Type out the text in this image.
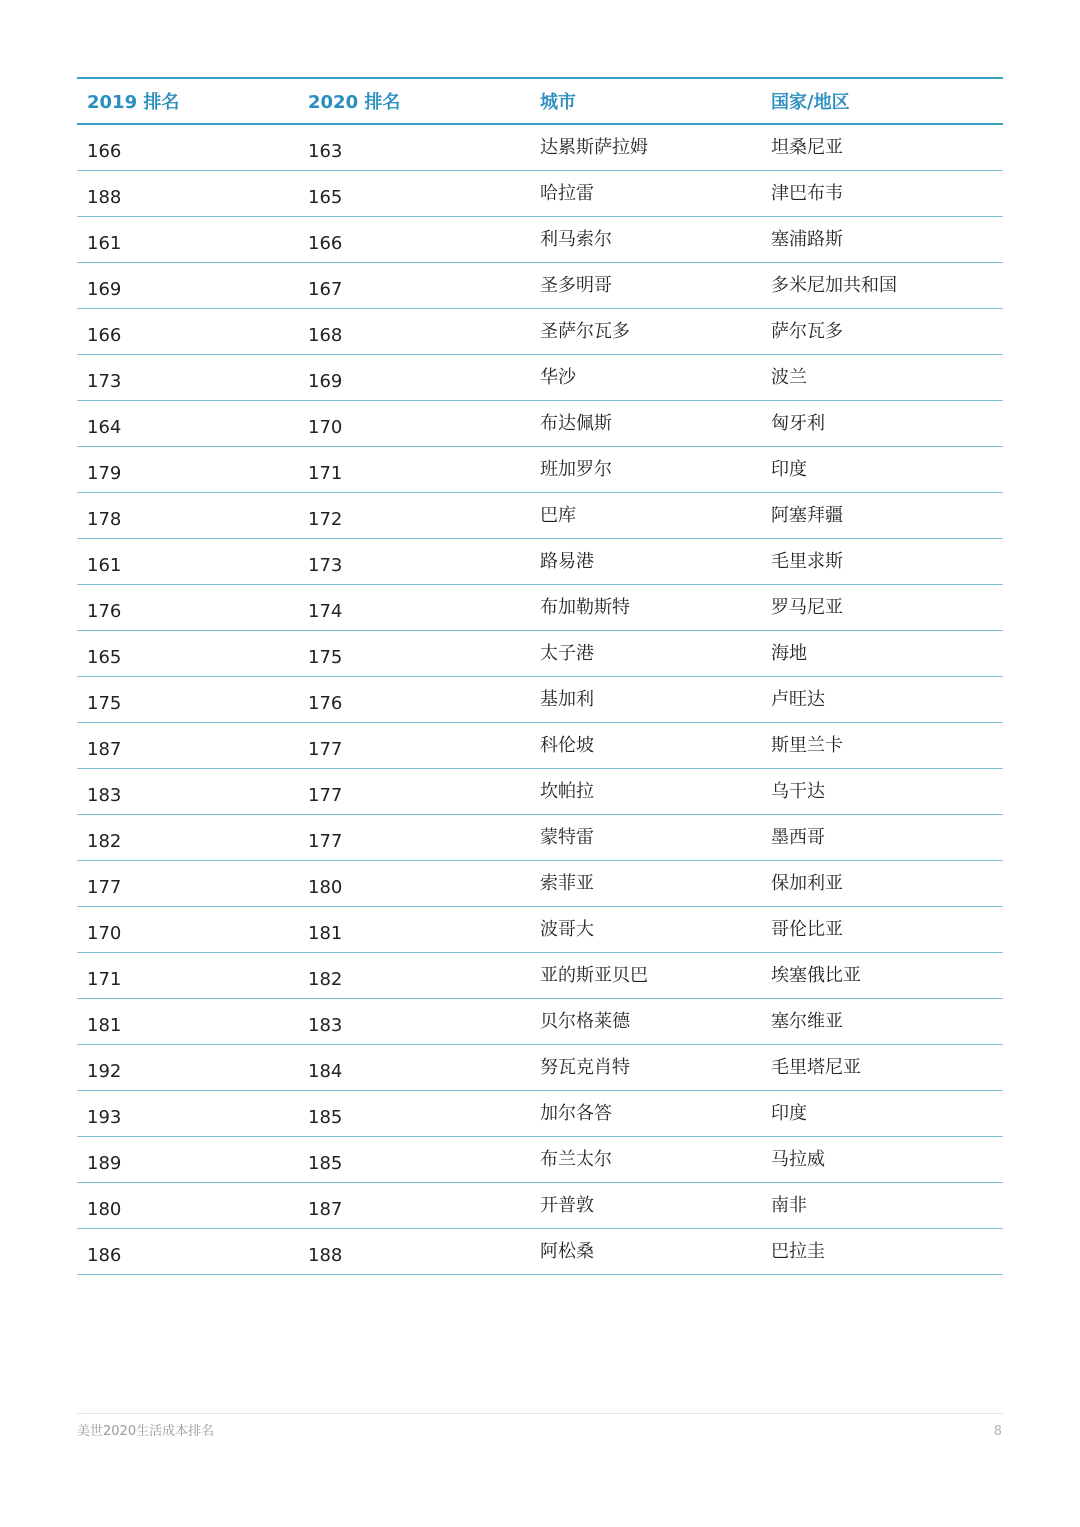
2019 排名	2020 排名	城市	国家/地区
166	163	达累斯萨拉姆	坦桑尼亚
188	165	哈拉雷	津巴布韦
161	166	利马索尔	塞浦路斯
169	167	圣多明哥	多米尼加共和国
166	168	圣萨尔瓦多	萨尔瓦多
173	169	华沙	波兰
164	170	布达佩斯	匈牙利
179	171	班加罗尔	印度
178	172	巴库	阿塞拜疆
161	173	路易港	毛里求斯
176	174	布加勒斯特	罗马尼亚
165	175	太子港	海地
175	176	基加利	卢旺达
187	177	科伦坡	斯里兰卡
183	177	坎帕拉	乌干达
182	177	蒙特雷	墨西哥
177	180	索菲亚	保加利亚
170	181	波哥大	哥伦比亚
171	182	亚的斯亚贝巴	埃塞俄比亚
181	183	贝尔格莱德	塞尔维亚
192	184	努瓦克肖特	毛里塔尼亚
193	185	加尔各答	印度
189	185	布兰太尔	马拉威
180	187	开普敦	南非
186	188	阿松桑	巴拉圭
美世2020生活成本排名	8
